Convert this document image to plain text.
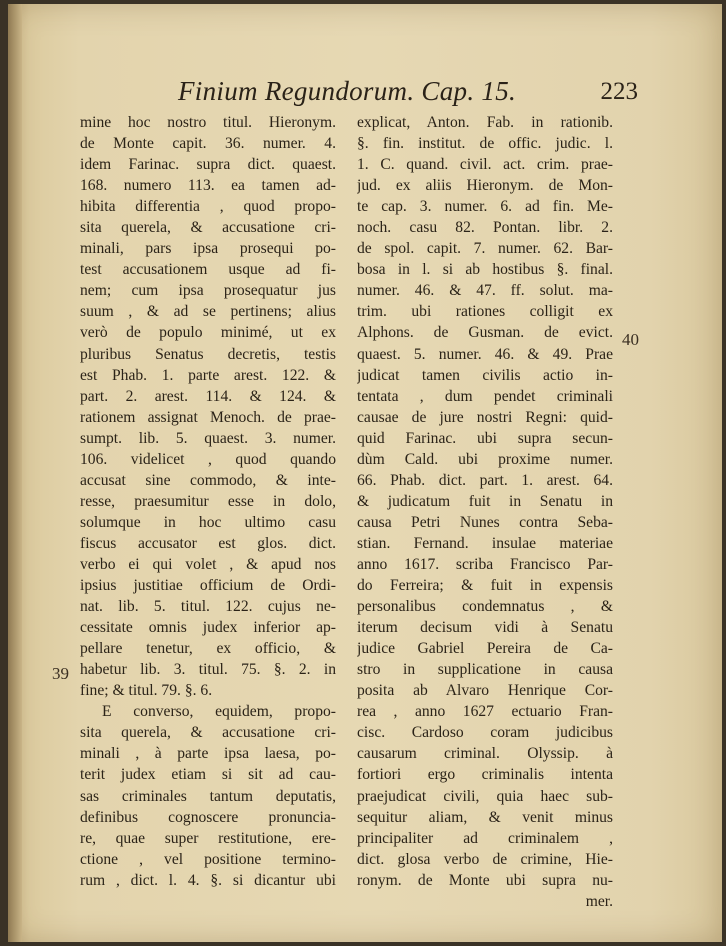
Finium Regundorum. Cap. 15.	223
mine hoc nostro titul. Hieronym.
de Monte capit. 36. numer. 4.
idem Farinac. supra dict. quaest.
168. numero 113. ea tamen ad-
hibita differentia , quod propo-
sita querela, & accusatione cri-
minali, pars ipsa prosequi po-
test accusationem usque ad fi-
nem; cum ipsa prosequatur jus
suum , & ad se pertinens; alius
verò de populo minimé, ut ex
pluribus Senatus decretis, testis
est Phab. 1. parte arest. 122. &
part. 2. arest. 114. & 124. &
rationem assignat Menoch. de prae-
sumpt. lib. 5. quaest. 3. numer.
106. videlicet , quod quando
accusat sine commodo, & inte-
resse, praesumitur esse in dolo,
solumque in hoc ultimo casu
fiscus accusator est glos. dict.
verbo ei qui volet , & apud nos
ipsius justitiae officium de Ordi-
nat. lib. 5. titul. 122. cujus ne-
cessitate omnis judex inferior ap-
pellare tenetur, ex officio, &
habetur lib. 3. titul. 75. §. 2. in
fine; & titul. 79. §. 6.
E converso, equidem, propo-
sita querela, & accusatione cri-
minali , à parte ipsa laesa, po-
terit judex etiam si sit ad cau-
sas criminales tantum deputatis,
definibus cognoscere pronuncia-
re, quae super restitutione, ere-
ctione , vel positione termino-
rum , dict. l. 4. §. si dicantur ubi
explicat, Anton. Fab. in rationib.
§. fin. institut. de offic. judic. l.
1. C. quand. civil. act. crim. prae-
jud. ex aliis Hieronym. de Mon-
te cap. 3. numer. 6. ad fin. Me-
noch. casu 82. Pontan. libr. 2.
de spol. capit. 7. numer. 62. Bar-
bosa in l. si ab hostibus §. final.
numer. 46. & 47. ff. solut. ma-
trim. ubi rationes colligit ex
Alphons. de Gusman. de evict.
quaest. 5. numer. 46. & 49. Prae
judicat tamen civilis actio in-
tentata , dum pendet criminali
causae de jure nostri Regni: quid-
quid Farinac. ubi supra secun-
dùm Cald. ubi proxime numer.
66. Phab. dict. part. 1. arest. 64.
& judicatum fuit in Senatu in
causa Petri Nunes contra Seba-
stian. Fernand. insulae materiae
anno 1617. scriba Francisco Par-
do Ferreira; & fuit in expensis
personalibus condemnatus , &
iterum decisum vidi à Senatu
judice Gabriel Pereira de Ca-
stro in supplicatione in causa
posita ab Alvaro Henrique Cor-
rea , anno 1627 ectuario Fran-
cisc. Cardoso coram judicibus
causarum criminal. Olyssip. à
fortiori ergo criminalis intenta
praejudicat civili, quia haec sub-
sequitur aliam, & venit minus
principaliter ad criminalem ,
dict. glosa verbo de crimine, Hie-
ronym. de Monte ubi supra nu-
mer.
39
40
